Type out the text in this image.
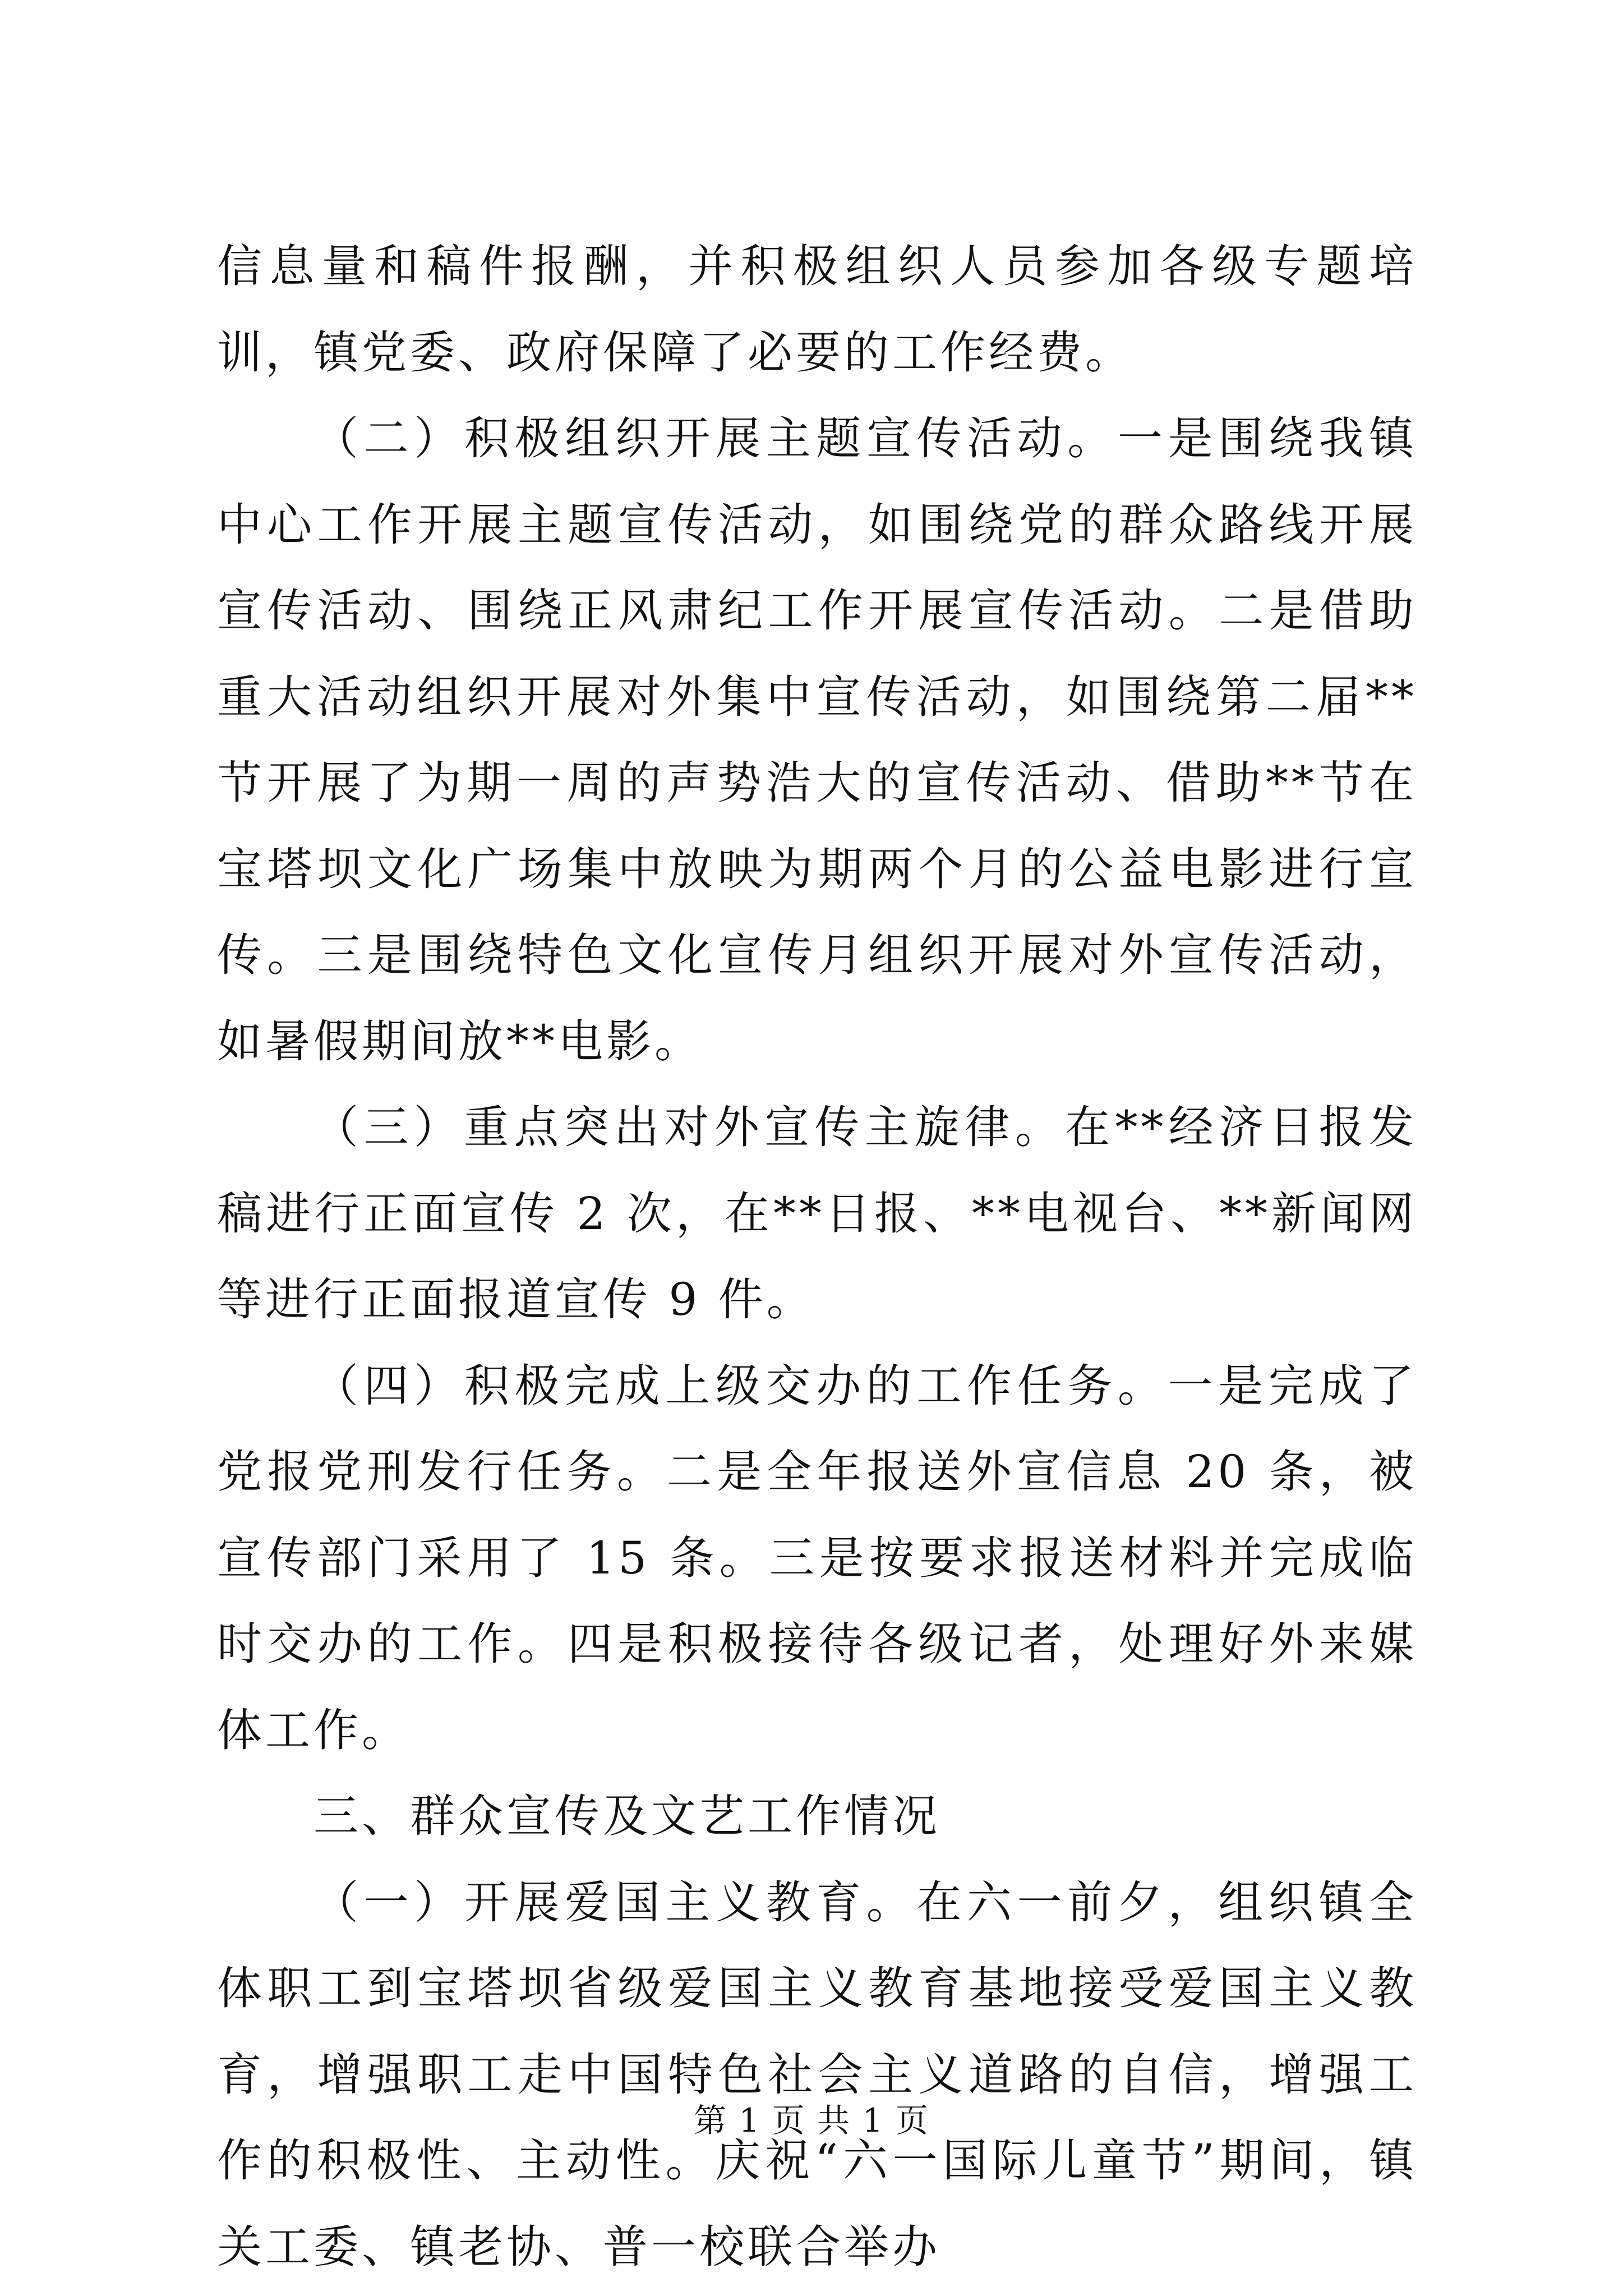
信息量和稿件报酬，并积极组织人员参加各级专题培训，镇党委、政府保障了必要的工作经费。

（二）积极组织开展主题宣传活动。一是围绕我镇中心工作开展主题宣传活动，如围绕党的群众路线开展宣传活动、围绕正风肃纪工作开展宣传活动。二是借助重大活动组织开展对外集中宣传活动，如围绕第二届**节开展了为期一周的声势浩大的宣传活动、借助**节在宝塔坝文化广场集中放映为期两个月的公益电影进行宣传。三是围绕特色文化宣传月组织开展对外宣传活动，如暑假期间放**电影。

（三）重点突出对外宣传主旋律。在**经济日报发稿进行正面宣传 2 次，在**日报、**电视台、**新闻网等进行正面报道宣传 9 件。

（四）积极完成上级交办的工作任务。一是完成了党报党刑发行任务。二是全年报送外宣信息 20 条，被宣传部门采用了 15 条。三是按要求报送材料并完成临时交办的工作。四是积极接待各级记者，处理好外来媒体工作。

三、群众宣传及文艺工作情况

（一）开展爱国主义教育。在六一前夕，组织镇全体职工到宝塔坝省级爱国主义教育基地接受爱国主义教育，增强职工走中国特色社会主义道路的自信，增强工作的积极性、主动性。庆祝“六一国际儿童节”期间，镇关工委、镇老协、普一校联合举办

第 1 页 共 1 页
